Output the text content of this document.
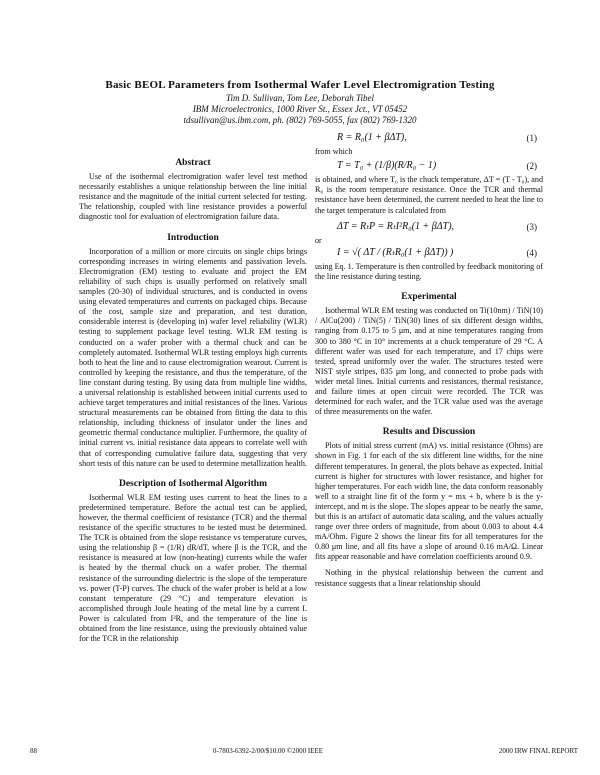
Basic BEOL Parameters from Isothermal Wafer Level Electromigration Testing
Tim D. Sullivan, Tom Lee, Deborah Tibel
IBM Microelectronics, 1000 River St., Essex Jct., VT 05452
tdsullivan@us.ibm.com, ph. (802) 769-5055, fax (802) 769-1320
Abstract
Use of the isothermal electromigration wafer level test method necessarily establishes a unique relationship between the line initial resistance and the magnitude of the initial current selected for testing. The relationship, coupled with line resistance provides a powerful diagnostic tool for evaluation of electromigration failure data.
Introduction
Incorporation of a million or more circuits on single chips brings corresponding increases in wiring elements and passivation levels. Electromigration (EM) testing to evaluate and project the EM reliability of such chips is usually performed on relatively small samples (20-30) of individual structures, and is conducted in ovens using elevated temperatures and currents on packaged chips. Because of the cost, sample size and preparation, and test duration, considerable interest is (developing in) wafer level reliability (WLR) testing to supplement package level testing. WLR EM testing is conducted on a wafer prober with a thermal chuck and can be completely automated. Isothermal WLR testing employs high currents both to heat the line and to cause electromigration wearout. Current is controlled by keeping the resistance, and thus the temperature, of the line constant during testing. By using data from multiple line widths, a universal relationship is established between initial currents used to achieve target temperatures and initial resistances of the lines. Various structural measurements can be obtained from fitting the data to this relationship, including thickness of insulator under the lines and geometric thermal conductance multiplier. Furthermore, the quality of initial current vs. initial resistance data appears to correlate well with that of corresponding cumulative failure data, suggesting that very short tests of this nature can be used to determine metallization health.
Description of Isothermal Algorithm
Isothermal WLR EM testing uses current to heat the lines to a predetermined temperature. Before the actual test can be applied, however, the thermal coefficient of resistance (TCR) and the thermal resistance of the specific structures to be tested must be determined. The TCR is obtained from the slope resistance vs temperature curves, using the relationship β = (1/R) dR/dT, where β is the TCR, and the resistance is measured at low (non-heating) currents while the wafer is heated by the thermal chuck on a wafer prober. The thermal resistance of the surrounding dielectric is the slope of the temperature vs. power (T-P) curves. The chuck of the wafer prober is held at a low constant temperature (29 °C) and temperature elevation is accomplished through Joule heating of the metal line by a current I. Power is calculated from I²R, and the temperature of the line is obtained from the line resistance, using the previously obtained value for the TCR in the relationship
R = R₀(1 + βΔT),	(1)
from which
T = T₀ + (1/β)(R/R₀ − 1)	(2)
is obtained, and where T₀ is the chuck temperature, ΔT = (T - T₀), and R₀ is the room temperature resistance. Once the TCR and thermal resistance have been determined, the current needed to heat the line to the target temperature is calculated from
ΔT = RₜP = RₜI²R₀(1 + βΔT),	(3)
or
I = √( ΔT / (RₜR₀(1 + βΔT)) )	(4)
using Eq. 1. Temperature is then controlled by feedback monitoring of the line resistance during testing.
Experimental
Isothermal WLR EM testing was conducted on Ti(10nm) / TiN(10) / AlCu(200) / TiN(5) / TiN(30) lines of six different design widths, ranging from 0.175 to 5 μm, and at nine temperatures ranging from 300 to 380 °C in 10° increments at a chuck temperature of 29 °C. A different wafer was used for each temperature, and 17 chips were tested, spread uniformly over the wafer. The structures tested were NIST style stripes, 835 μm long, and connected to probe pads with wider metal lines. Initial currents and resistances, thermal resistance, and failure times at open circuit were recorded. The TCR was determined for each wafer, and the TCR value used was the average of three measurements on the wafer.
Results and Discussion
Plots of initial stress current (mA) vs. initial resistance (Ohms) are shown in Fig. 1 for each of the six different line widths, for the nine different temperatures. In general, the plots behave as expected. Initial current is higher for structures with lower resistance, and higher for higher temperatures. For each width line, the data conform reasonably well to a straight line fit of the form y = mx + b, where b is the y-intercept, and m is the slope. The slopes appear to be nearly the same, but this is an artifact of automatic data scaling, and the values actually range over three orders of magnitude, from about 0.003 to about 4.4 mA/Ohm. Figure 2 shows the linear fits for all temperatures for the 0.80 μm line, and all fits have a slope of around 0.16 mA/Ω. Linear fits appear reasonable and have correlation coefficients around 0.9.
Nothing in the physical relationship between the current and resistance suggests that a linear relationship should
88	0-7803-6392-2/00/$10.00 ©2000 IEEE	2000 IRW FINAL REPORT
